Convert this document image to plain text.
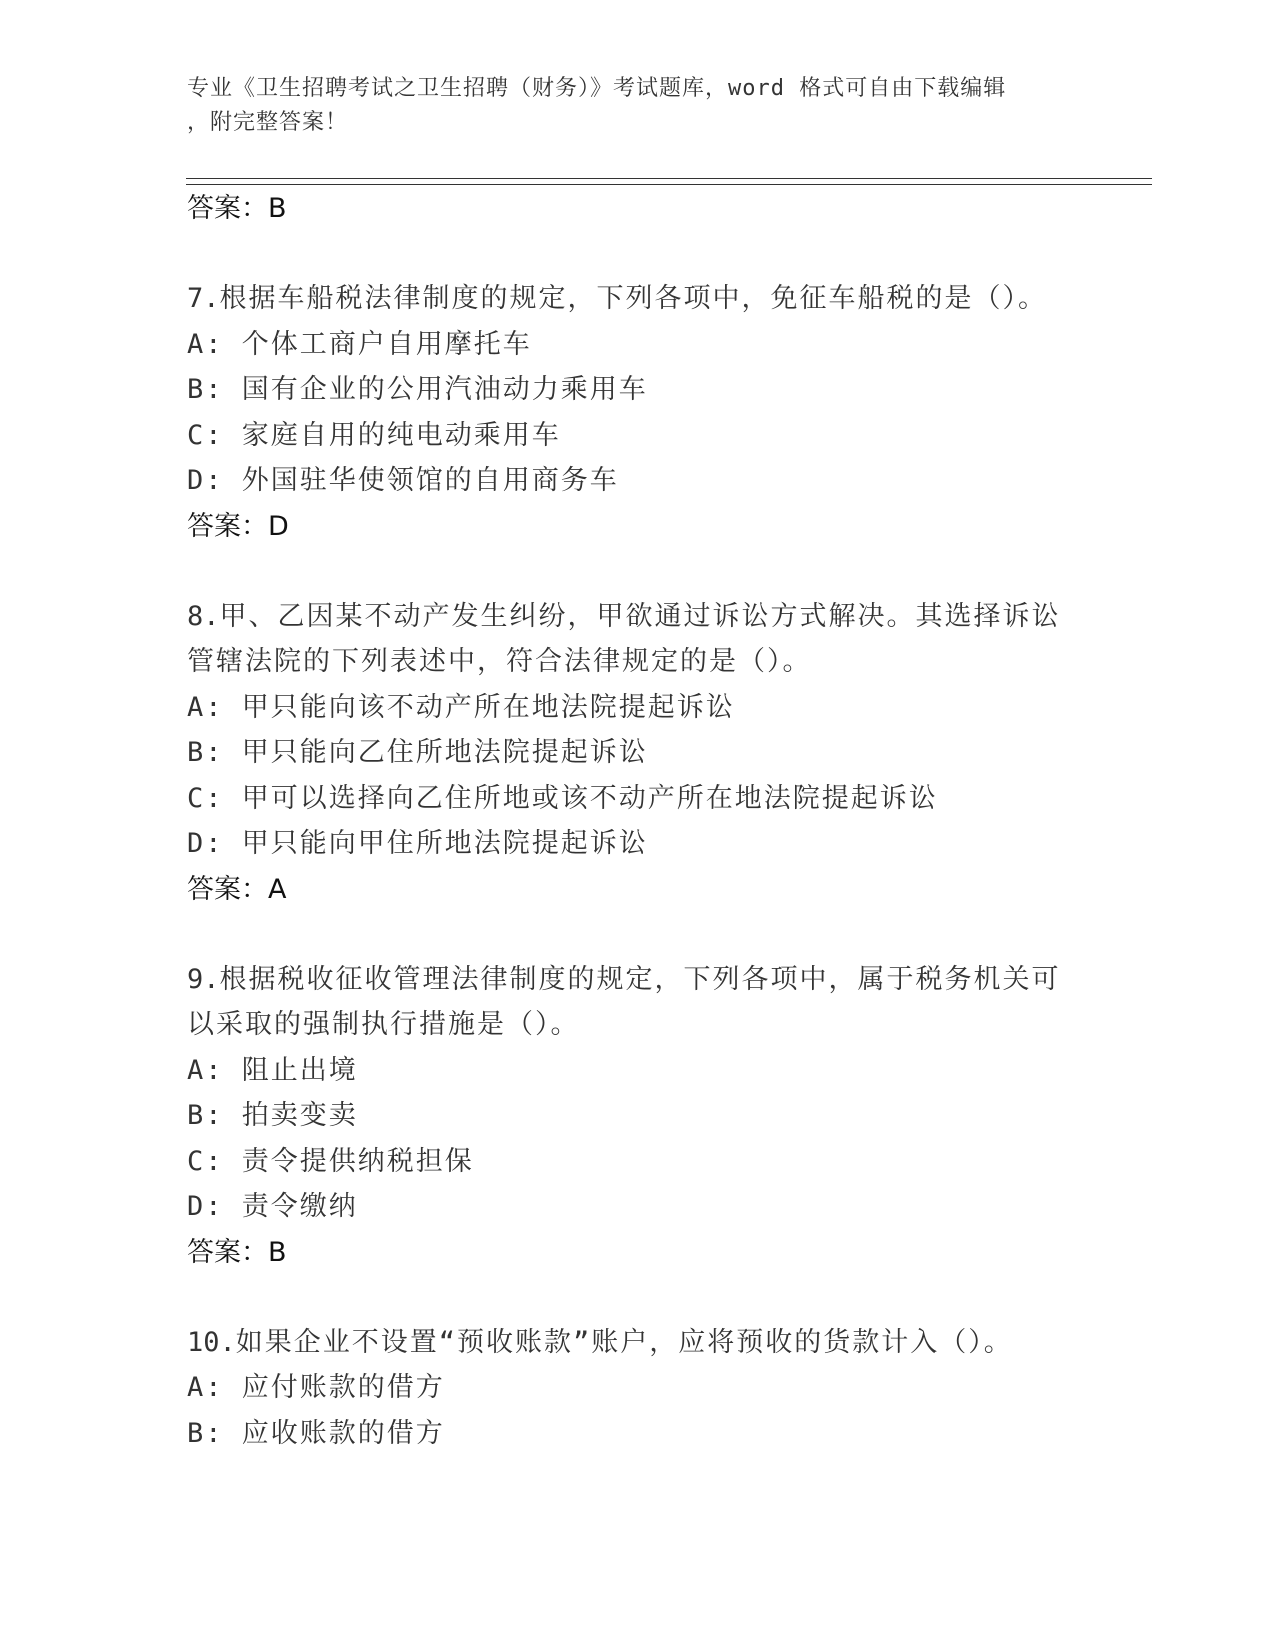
专业《卫生招聘考试之卫生招聘（财务）》考试题库，word 格式可自由下载编辑
，附完整答案！

答案：B

7.根据车船税法律制度的规定，下列各项中，免征车船税的是（）。

A: 个体工商户自用摩托车

B: 国有企业的公用汽油动力乘用车

C: 家庭自用的纯电动乘用车

D: 外国驻华使领馆的自用商务车

答案：D

8.甲、乙因某不动产发生纠纷，甲欲通过诉讼方式解决。其选择诉讼

管辖法院的下列表述中，符合法律规定的是（）。

A: 甲只能向该不动产所在地法院提起诉讼

B: 甲只能向乙住所地法院提起诉讼

C: 甲可以选择向乙住所地或该不动产所在地法院提起诉讼

D: 甲只能向甲住所地法院提起诉讼

答案：A

9.根据税收征收管理法律制度的规定，下列各项中，属于税务机关可

以采取的强制执行措施是（）。

A: 阻止出境

B: 拍卖变卖

C: 责令提供纳税担保

D: 责令缴纳

答案：B

10.如果企业不设置“预收账款”账户，应将预收的货款计入（）。

A: 应付账款的借方

B: 应收账款的借方
